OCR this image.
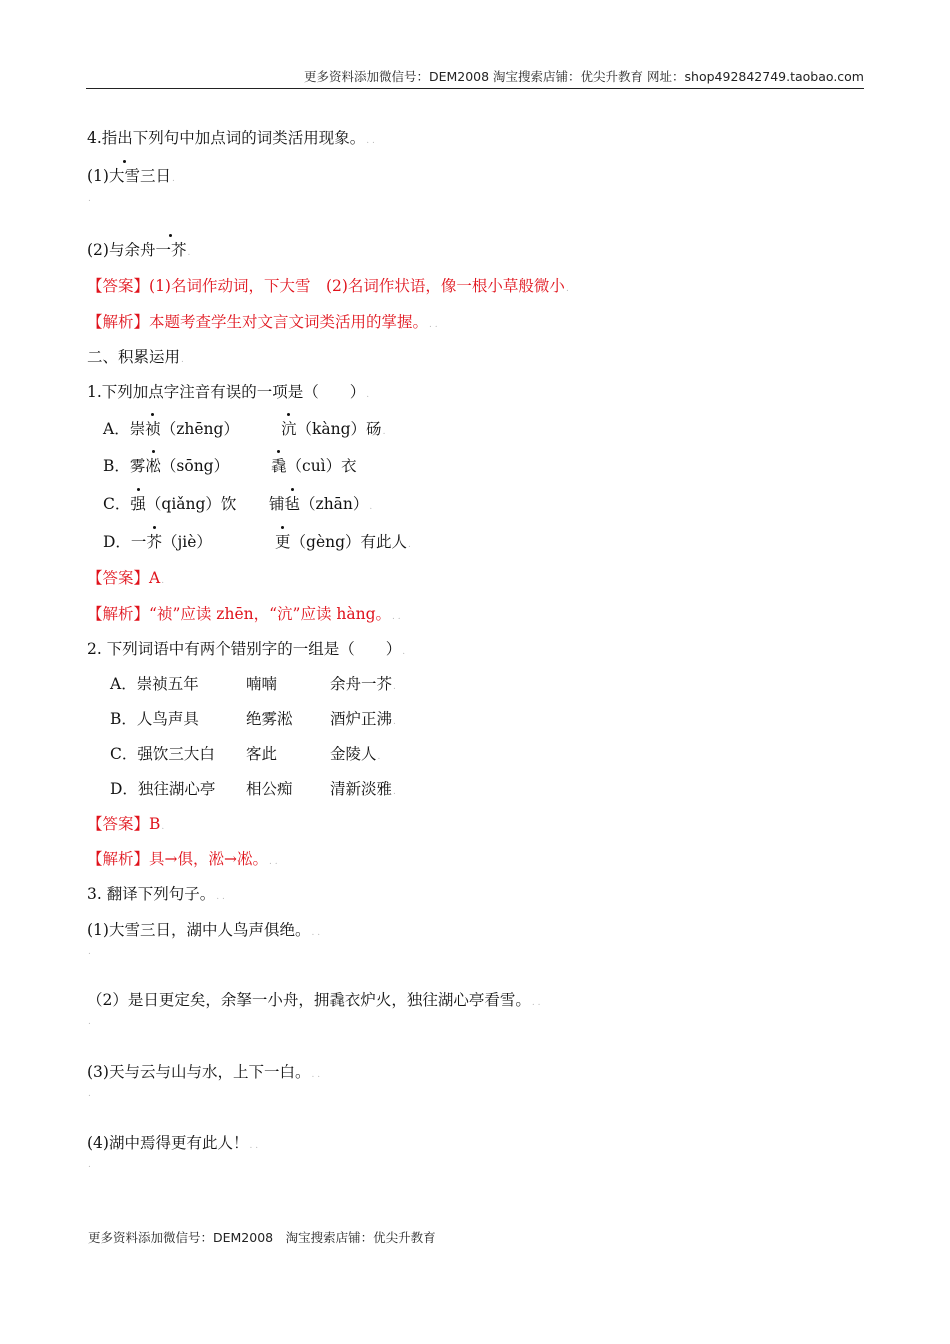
更多资料添加微信号：DEM2008 淘宝搜索店铺：优尖升教育 网址：shop492842749.taobao.com
4.指出下列句中加点词的词类活用现象。. .
(1)大雪三日.
.
(2)与余舟一芥.
【答案】(1)名词作动词，下大雪　(2)名词作状语，像一根小草般微小.
【解析】本题考查学生对文言文词类活用的掌握。. .
二、积累运用.
1.下列加点字注音有误的一项是（　　）.
A．崇祯（zhēng）	沆（kàng）砀.
B．雾凇（sōng）	毳（cuì）衣
C．强（qiǎng）饮 铺毡（zhān）.
D．一芥（jiè）	更（gèng）有此人.
【答案】A.
【解析】“祯”应读 zhēn，“沆”应读 hàng。. .
2. 下列词语中有两个错别字的一组是（　　）.
A．崇祯五年	喃喃	余舟一芥.
B．人鸟声具	绝雾淞 酒炉正沸.
C．强饮三大白 客此	金陵人.
D．独往湖心亭 相公痴 清新淡雅.
【答案】B.
【解析】具→俱，淞→凇。. .
3. 翻译下列句子。. .
(1)大雪三日，湖中人鸟声俱绝。. .
.
（2）是日更定矣，余拏一小舟，拥毳衣炉火，独往湖心亭看雪。. .
.
(3)天与云与山与水，上下一白。. .
.
(4)湖中焉得更有此人！. .
.
更多资料添加微信号：DEM2008　淘宝搜索店铺：优尖升教育
